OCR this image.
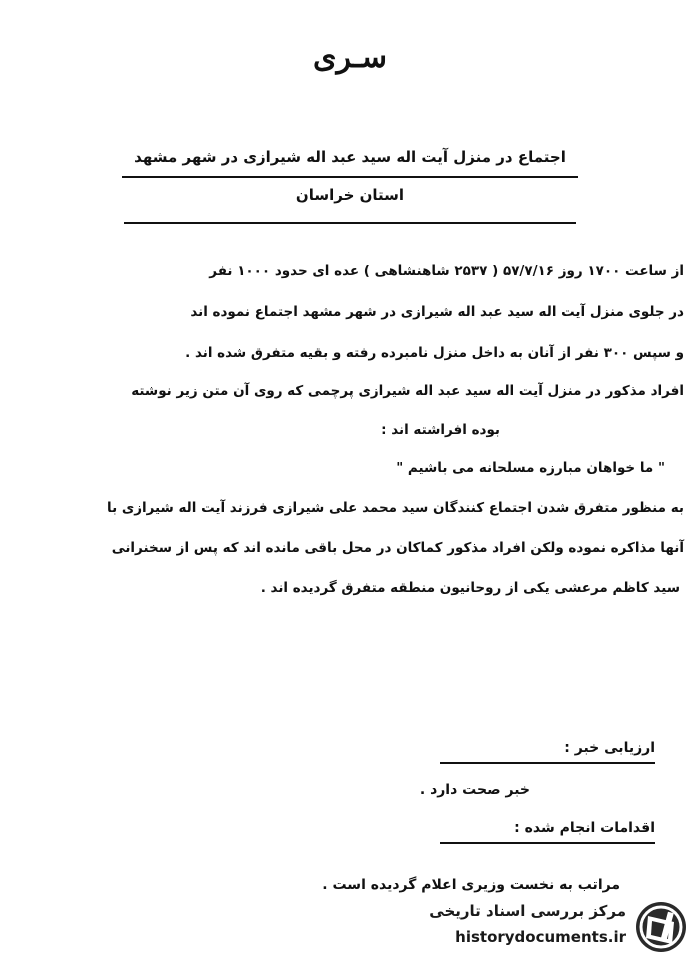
سـرى
اجتماع در منزل آیت اله سید عبد اله شیرازی در شهر مشهد
استان خراسان
از ساعت ۱۷۰۰ روز ۵۷/۷/۱۶ ( ۲۵۳۷ شاهنشاهی ) عده ای حدود ۱۰۰۰ نفر
در جلوی منزل آیت اله سید عبد اله شیرازی در شهر مشهد اجتماع نموده اند
و سپس ۳۰۰ نفر از آنان به داخل منزل نامبرده رفته و بقیه متفرق شده اند .
افراد مذکور در منزل آیت اله سید عبد اله شیرازی پرچمی که روی آن متن زیر نوشته
بوده افراشته اند :
" ما خواهان مبارزه مسلحانه می باشیم "
به منظور متفرق شدن اجتماع کنندگان سید محمد علی شیرازی فرزند آیت اله شیرازی با
آنها مذاکره نموده ولکن افراد مذکور کماکان در محل باقی مانده اند که پس از سخنرانی
سید کاظم مرعشی یکی از روحانیون منطقه متفرق گردیده اند .
ارزیابی خبر :
خبر صحت دارد .
اقدامات انجام شده :
مراتب به نخست وزیری اعلام گردیده است .
مرکز بررسی اسناد تاریخی
historydocuments.ir
